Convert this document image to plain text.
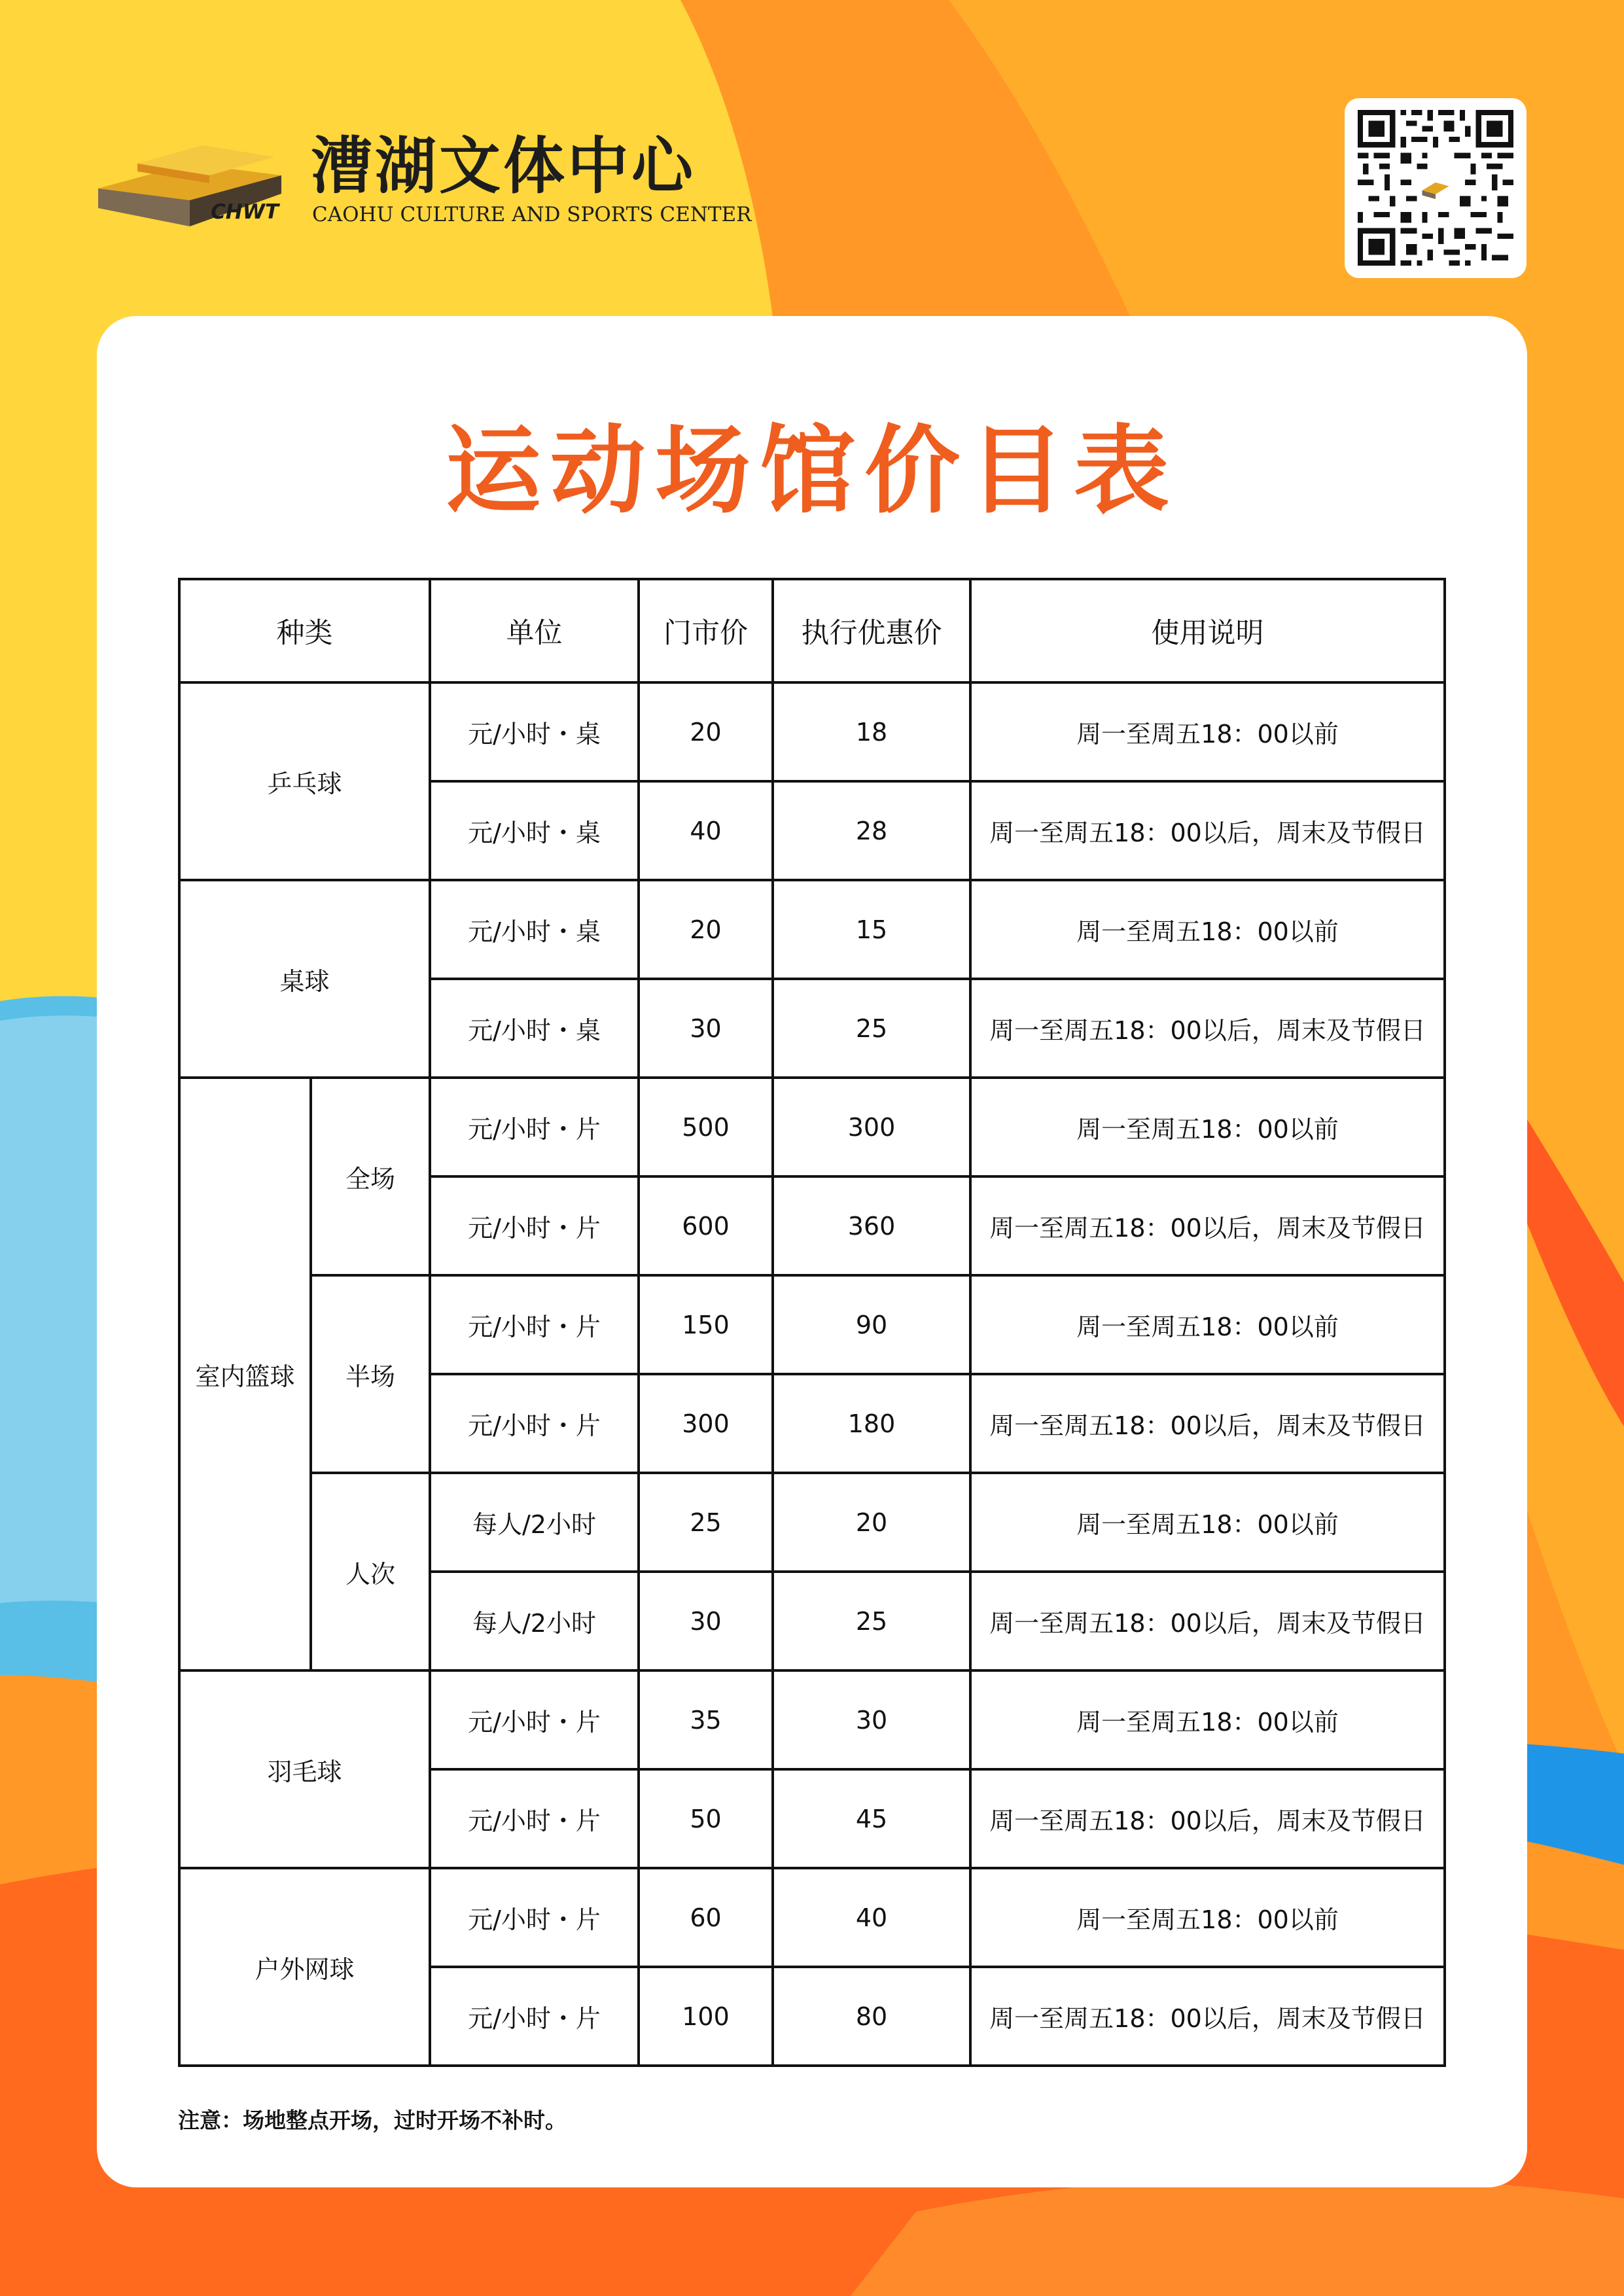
CHWT
漕湖文体中心
CAOHU CULTURE AND SPORTS CENTER
运动场馆价目表
种类		单位	门市价	执行优惠价	使用说明
乒乓球		元/小时・桌	20	18	周一至周五18：00以前
		元/小时・桌	40	28	周一至周五18：00以后，周末及节假日
桌球		元/小时・桌	20	15	周一至周五18：00以前
		元/小时・桌	30	25	周一至周五18：00以后，周末及节假日
室内篮球	全场	元/小时・片	500	300	周一至周五18：00以前
		元/小时・片	600	360	周一至周五18：00以后，周末及节假日
	半场	元/小时・片	150	90	周一至周五18：00以前
		元/小时・片	300	180	周一至周五18：00以后，周末及节假日
	人次	每人/2小时	25	20	周一至周五18：00以前
		每人/2小时	30	25	周一至周五18：00以后，周末及节假日
羽毛球		元/小时・片	35	30	周一至周五18：00以前
		元/小时・片	50	45	周一至周五18：00以后，周末及节假日
户外网球		元/小时・片	60	40	周一至周五18：00以前
		元/小时・片	100	80	周一至周五18：00以后，周末及节假日
注意：场地整点开场，过时开场不补时。
